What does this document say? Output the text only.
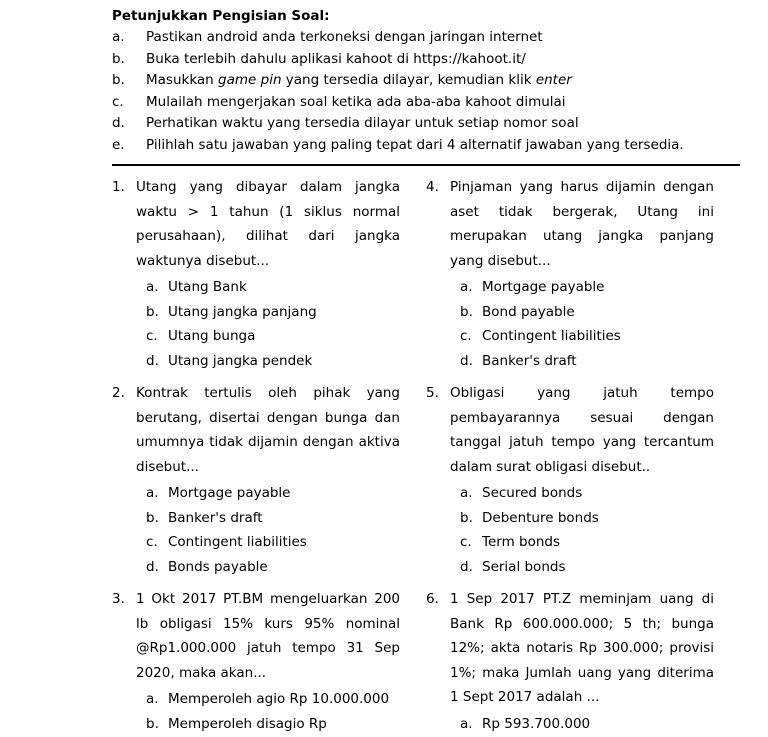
Petunjukkan Pengisian Soal:
a.	Pastikan android anda terkoneksi dengan jaringan internet
b.	Buka terlebih dahulu aplikasi kahoot di https://kahoot.it/
b.	Masukkan game pin yang tersedia dilayar, kemudian klik enter
c.	Mulailah mengerjakan soal ketika ada aba-aba kahoot dimulai
d.	Perhatikan waktu yang tersedia dilayar untuk setiap nomor soal
e.	Pilihlah satu jawaban yang paling tepat dari 4 alternatif jawaban yang tersedia.
1. Utang yang dibayar dalam jangka waktu > 1 tahun (1 siklus normal perusahaan), dilihat dari jangka waktunya disebut...
a. Utang Bank
b. Utang jangka panjang
c. Utang bunga
d. Utang jangka pendek
2. Kontrak tertulis oleh pihak yang berutang, disertai dengan bunga dan umumnya tidak dijamin dengan aktiva disebut...
a. Mortgage payable
b. Banker's draft
c. Contingent liabilities
d. Bonds payable
3. 1 Okt 2017 PT.BM mengeluarkan 200 lb obligasi 15% kurs 95% nominal @Rp1.000.000 jatuh tempo 31 Sep 2020, maka akan...
a. Memperoleh agio Rp 10.000.000
b. Memperoleh disagio Rp
4. Pinjaman yang harus dijamin dengan aset tidak bergerak, Utang ini merupakan utang jangka panjang yang disebut...
a. Mortgage payable
b. Bond payable
c. Contingent liabilities
d. Banker's draft
5. Obligasi yang jatuh tempo pembayarannya sesuai dengan tanggal jatuh tempo yang tercantum dalam surat obligasi disebut..
a. Secured bonds
b. Debenture bonds
c. Term bonds
d. Serial bonds
6. 1 Sep 2017 PT.Z meminjam uang di Bank Rp 600.000.000; 5 th; bunga 12%; akta notaris Rp 300.000; provisi 1%; maka Jumlah uang yang diterima 1 Sept 2017 adalah ...
a. Rp 593.700.000
